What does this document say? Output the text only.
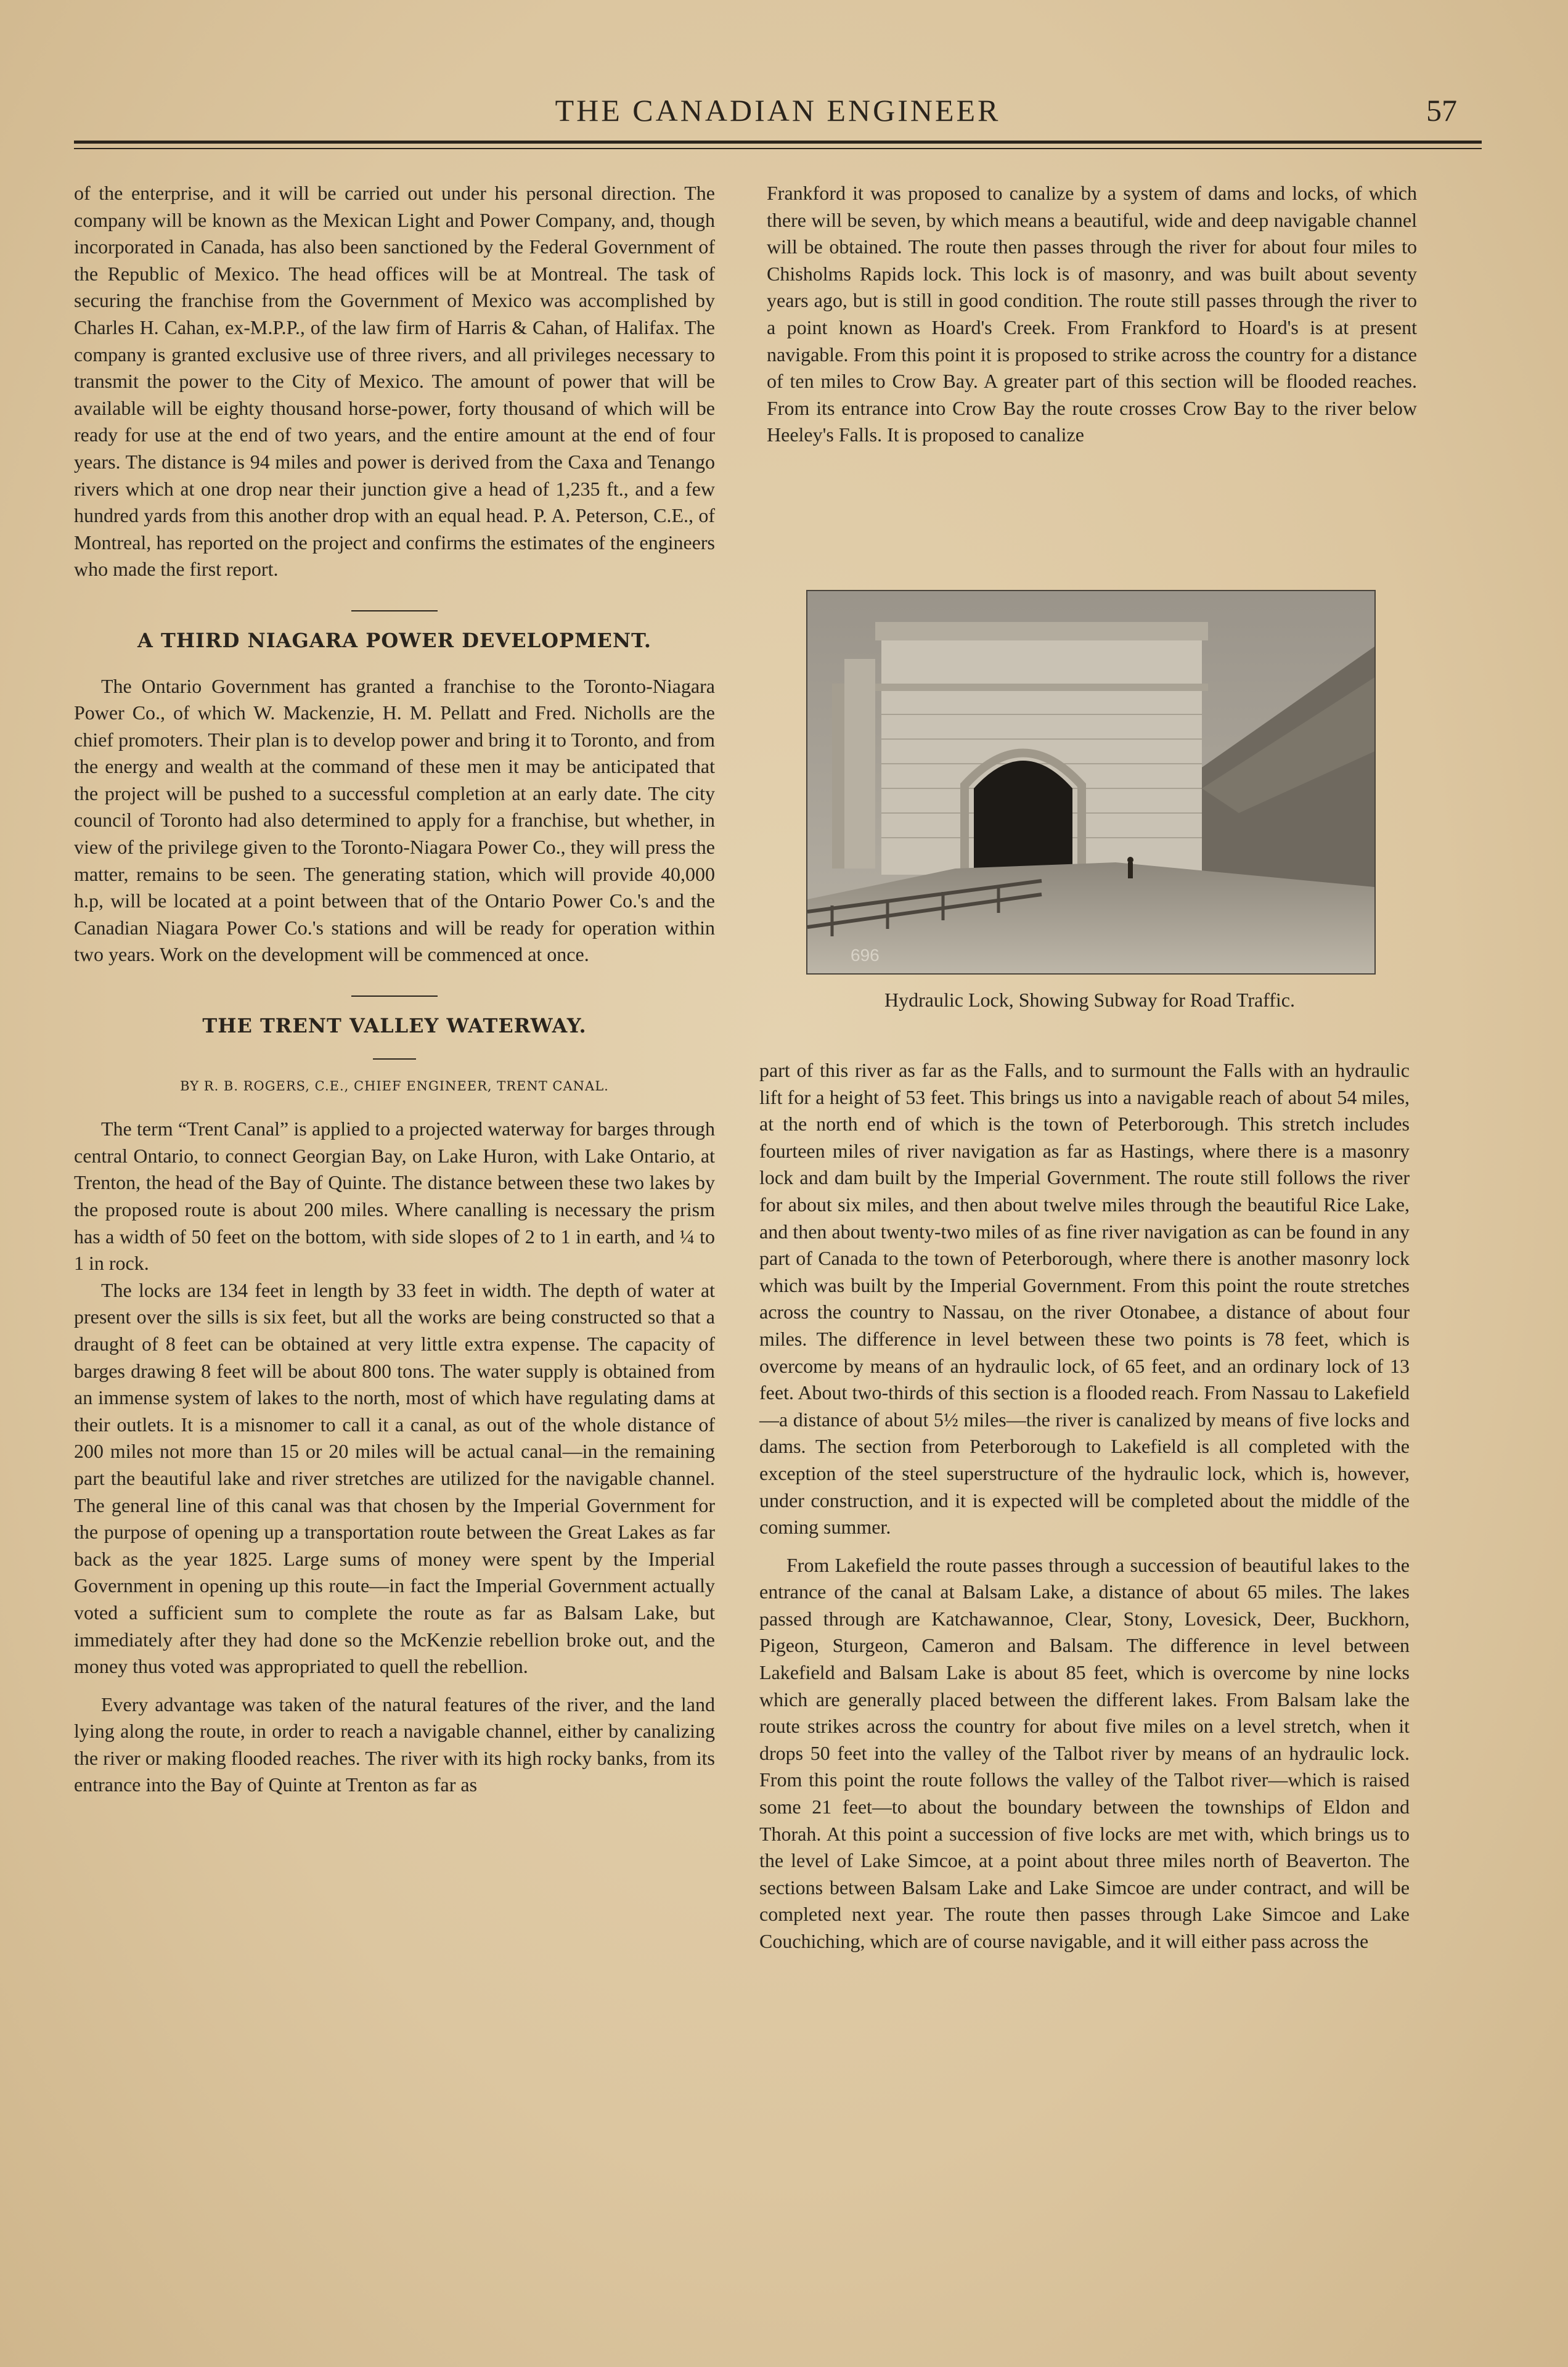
THE CANADIAN ENGINEER	57

of the enterprise, and it will be carried out under his personal direction. The company will be known as the Mexican Light and Power Company, and, though incorporated in Canada, has also been sanctioned by the Federal Government of the Republic of Mexico. The head offices will be at Montreal. The task of securing the franchise from the Government of Mexico was accomplished by Charles H. Cahan, ex-M.P.P., of the law firm of Harris & Cahan, of Halifax. The company is granted exclusive use of three rivers, and all privileges necessary to transmit the power to the City of Mexico. The amount of power that will be available will be eighty thousand horse-power, forty thousand of which will be ready for use at the end of two years, and the entire amount at the end of four years. The distance is 94 miles and power is derived from the Caxa and Tenango rivers which at one drop near their junction give a head of 1,235 ft., and a few hundred yards from this another drop with an equal head. P. A. Peterson, C.E., of Montreal, has reported on the project and confirms the estimates of the engineers who made the first report.

A THIRD NIAGARA POWER DEVELOPMENT.

The Ontario Government has granted a franchise to the Toronto-Niagara Power Co., of which W. Mackenzie, H. M. Pellatt and Fred. Nicholls are the chief promoters. Their plan is to develop power and bring it to Toronto, and from the energy and wealth at the command of these men it may be anticipated that the project will be pushed to a successful completion at an early date. The city council of Toronto had also determined to apply for a franchise, but whether, in view of the privilege given to the Toronto-Niagara Power Co., they will press the matter, remains to be seen. The generating station, which will provide 40,000 h.p, will be located at a point between that of the Ontario Power Co.'s and the Canadian Niagara Power Co.'s stations and will be ready for operation within two years. Work on the development will be commenced at once.

THE TRENT VALLEY WATERWAY.
BY R. B. ROGERS, C.E., CHIEF ENGINEER, TRENT CANAL.

The term “Trent Canal” is applied to a projected waterway for barges through central Ontario, to connect Georgian Bay, on Lake Huron, with Lake Ontario, at Trenton, the head of the Bay of Quinte. The distance between these two lakes by the proposed route is about 200 miles. Where canalling is necessary the prism has a width of 50 feet on the bottom, with side slopes of 2 to 1 in earth, and ¼ to 1 in rock.

The locks are 134 feet in length by 33 feet in width. The depth of water at present over the sills is six feet, but all the works are being constructed so that a draught of 8 feet can be obtained at very little extra expense. The capacity of barges drawing 8 feet will be about 800 tons. The water supply is obtained from an immense system of lakes to the north, most of which have regulating dams at their outlets. It is a misnomer to call it a canal, as out of the whole distance of 200 miles not more than 15 or 20 miles will be actual canal—in the remaining part the beautiful lake and river stretches are utilized for the navigable channel. The general line of this canal was that chosen by the Imperial Government for the purpose of opening up a transportation route between the Great Lakes as far back as the year 1825. Large sums of money were spent by the Imperial Government in opening up this route—in fact the Imperial Government actually voted a sufficient sum to complete the route as far as Balsam Lake, but immediately after they had done so the McKenzie rebellion broke out, and the money thus voted was appropriated to quell the rebellion.

Every advantage was taken of the natural features of the river, and the land lying along the route, in order to reach a navigable channel, either by canalizing the river or making flooded reaches. The river with its high rocky banks, from its entrance into the Bay of Quinte at Trenton as far as

Frankford it was proposed to canalize by a system of dams and locks, of which there will be seven, by which means a beautiful, wide and deep navigable channel will be obtained. The route then passes through the river for about four miles to Chisholms Rapids lock. This lock is of masonry, and was built about seventy years ago, but is still in good condition. The route still passes through the river to a point known as Hoard's Creek. From Frankford to Hoard's is at present navigable. From this point it is proposed to strike across the country for a distance of ten miles to Crow Bay. A greater part of this section will be flooded reaches. From its entrance into Crow Bay the route crosses Crow Bay to the river below Heeley's Falls. It is proposed to canalize

696
Hydraulic Lock, Showing Subway for Road Traffic.

part of this river as far as the Falls, and to surmount the Falls with an hydraulic lift for a height of 53 feet. This brings us into a navigable reach of about 54 miles, at the north end of which is the town of Peterborough. This stretch includes fourteen miles of river navigation as far as Hastings, where there is a masonry lock and dam built by the Imperial Government. The route still follows the river for about six miles, and then about twelve miles through the beautiful Rice Lake, and then about twenty-two miles of as fine river navigation as can be found in any part of Canada to the town of Peterborough, where there is another masonry lock which was built by the Imperial Government. From this point the route stretches across the country to Nassau, on the river Otonabee, a distance of about four miles. The difference in level between these two points is 78 feet, which is overcome by means of an hydraulic lock, of 65 feet, and an ordinary lock of 13 feet. About two-thirds of this section is a flooded reach. From Nassau to Lakefield—a distance of about 5½ miles—the river is canalized by means of five locks and dams. The section from Peterborough to Lakefield is all completed with the exception of the steel superstructure of the hydraulic lock, which is, however, under construction, and it is expected will be completed about the middle of the coming summer.

From Lakefield the route passes through a succession of beautiful lakes to the entrance of the canal at Balsam Lake, a distance of about 65 miles. The lakes passed through are Katchawannoe, Clear, Stony, Lovesick, Deer, Buckhorn, Pigeon, Sturgeon, Cameron and Balsam. The difference in level between Lakefield and Balsam Lake is about 85 feet, which is overcome by nine locks which are generally placed between the different lakes. From Balsam lake the route strikes across the country for about five miles on a level stretch, when it drops 50 feet into the valley of the Talbot river by means of an hydraulic lock. From this point the route follows the valley of the Talbot river—which is raised some 21 feet—to about the boundary between the townships of Eldon and Thorah. At this point a succession of five locks are met with, which brings us to the level of Lake Simcoe, at a point about three miles north of Beaverton. The sections between Balsam Lake and Lake Simcoe are under contract, and will be completed next year. The route then passes through Lake Simcoe and Lake Couchiching, which are of course navigable, and it will either pass across the
